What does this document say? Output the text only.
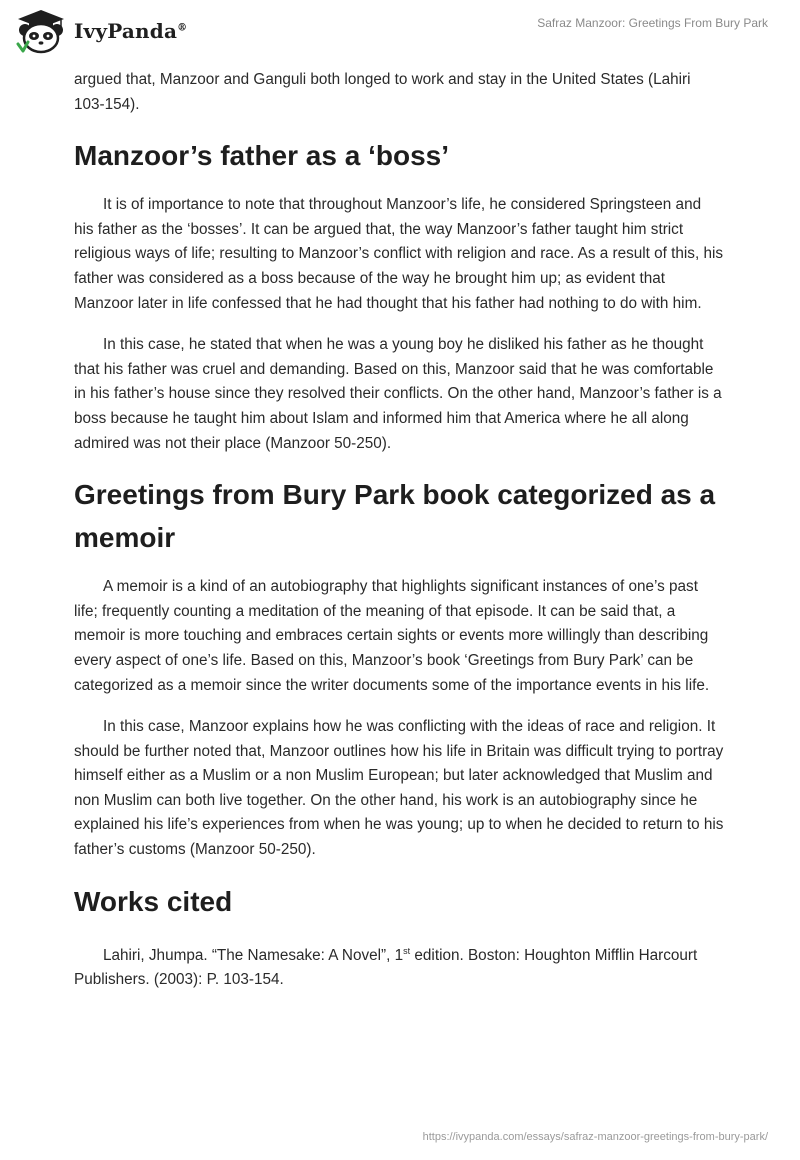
IvyPanda®	Safraz Manzoor: Greetings From Bury Park

argued that, Manzoor and Ganguli both longed to work and stay in the United States (Lahiri 103-154).

Manzoor’s father as a ‘boss’

It is of importance to note that throughout Manzoor’s life, he considered Springsteen and his father as the ‘bosses’. It can be argued that, the way Manzoor’s father taught him strict religious ways of life; resulting to Manzoor’s conflict with religion and race. As a result of this, his father was considered as a boss because of the way he brought him up; as evident that Manzoor later in life confessed that he had thought that his father had nothing to do with him.

In this case, he stated that when he was a young boy he disliked his father as he thought that his father was cruel and demanding. Based on this, Manzoor said that he was comfortable in his father’s house since they resolved their conflicts. On the other hand, Manzoor’s father is a boss because he taught him about Islam and informed him that America where he all along admired was not their place (Manzoor 50-250).

Greetings from Bury Park book categorized as a memoir

A memoir is a kind of an autobiography that highlights significant instances of one’s past life; frequently counting a meditation of the meaning of that episode. It can be said that, a memoir is more touching and embraces certain sights or events more willingly than describing every aspect of one’s life. Based on this, Manzoor’s book ‘Greetings from Bury Park’ can be categorized as a memoir since the writer documents some of the importance events in his life.

In this case, Manzoor explains how he was conflicting with the ideas of race and religion. It should be further noted that, Manzoor outlines how his life in Britain was difficult trying to portray himself either as a Muslim or a non Muslim European; but later acknowledged that Muslim and non Muslim can both live together. On the other hand, his work is an autobiography since he explained his life’s experiences from when he was young; up to when he decided to return to his father’s customs (Manzoor 50-250).

Works cited

Lahiri, Jhumpa. “The Namesake: A Novel”, 1st edition. Boston: Houghton Mifflin Harcourt Publishers. (2003): P. 103-154.

https://ivypanda.com/essays/safraz-manzoor-greetings-from-bury-park/
